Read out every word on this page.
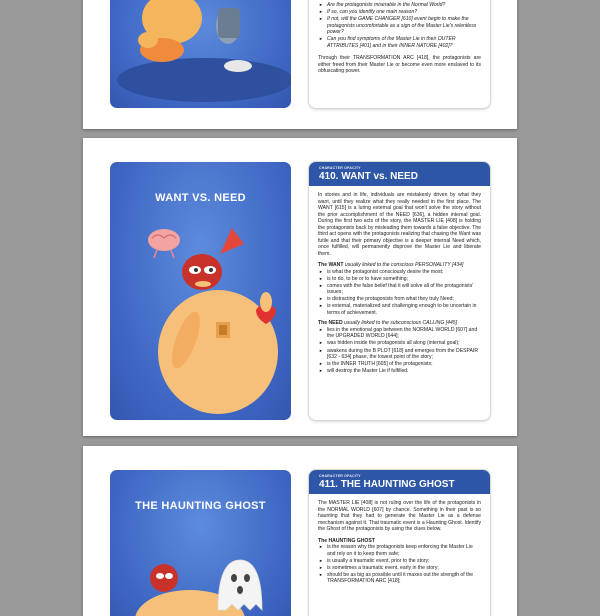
► Are the protagonists miserable in the Normal World?
► If so, can you identify one main reason?
► If not, will the GAME CHANGER [610] event begin to make the protagonists uncomfortable as a sign of the Master Lie's relentless power?
► Can you find symptoms of the Master Lie in their OUTER ATTRIBUTES [401] and in their INNER NATURE [402]?

Through their TRANSFORMATION ARC [418], the protagonists are either freed from their Master Lie or become even more enslaved to its obfuscating power.

WANT VS. NEED
CHARACTER OPACITY
410. WANT vs. NEED

In stories and in life, individuals are mistakenly driven by what they want, until they realize what they really needed in the first place. The WANT [615] is a luring external goal that won't solve the story without the prior accomplishment of the NEED [636], a hidden internal goal. During the first two acts of the story, the MASTER LIE [408] is holding the protagonists back by misleading them towards a false objective. The third act opens with the protagonists realizing that chasing the Want was futile and that their primary objective is a deeper internal Need which, once fulfilled, will permanently disprove the Master Lie and liberate them.

The WANT usually linked to the conscious PERSONALITY [434]
► is what the protagonist consciously desire the most;
► is to do, to be or to have something;
► comes with the false belief that it will solve all of the protagonists' issues;
► is distracting the protagonists from what they truly Need;
► is external, materialized and challenging enough to be uncertain in terms of achievement.
The NEED usually linked to the subconscious CALLING [445]
► lies in the emotional gap between the NORMAL WORLD [607] and the UPGRADED WORLD [644];
► was hidden inside the protagonists all along (internal goal);
► awakens during the B PLOT [618] and emerges from the DESPAIR [632 - 634] phase, the lowest point of the story;
► is the INNER TRUTH [605] of the protagonists;
► will destroy the Master Lie if fulfilled.
THE HAUNTING GHOST
CHARACTER OPACITY
411. THE HAUNTING GHOST

The MASTER LIE [408] is not ruling over the life of the protagonists in the NORMAL WORLD [607] by chance. Something in their past is so haunting that they had to generate the Master Lie as a defense mechanism against it. That traumatic event is a Haunting Ghost. Identify the Ghost of the protagonists by using the clues below.

The HAUNTING GHOST
► is the reason why the protagonists keep enforcing the Master Lie and rely on it to keep them safe;
► is usually a traumatic event, prior to the story;
► is sometimes a traumatic event, early in the story;
► should be as big as possible until it maxes out the strength of the TRANSFORMATION ARC [418];
